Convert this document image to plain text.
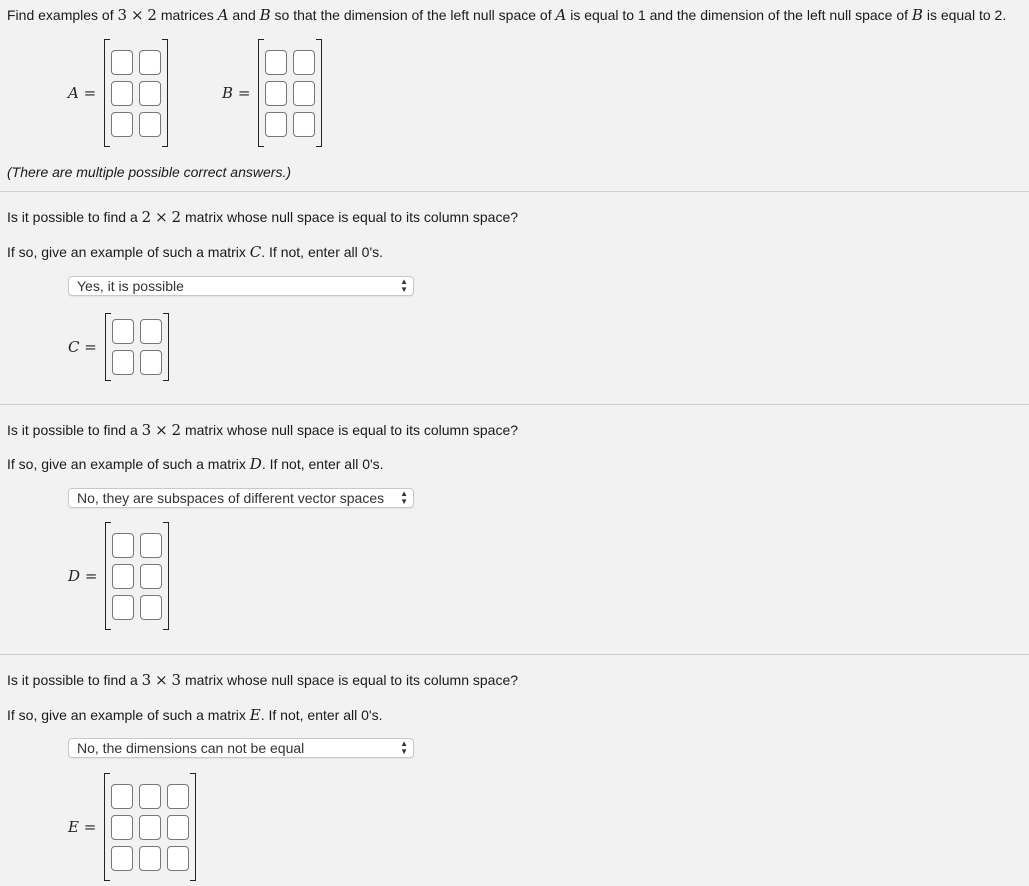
Find examples of 3 × 2 matrices A and B so that the dimension of the left null space of A is equal to 1 and the dimension of the left null space of B is equal to 2.
A =	B =
(There are multiple possible correct answers.)
Is it possible to find a 2 × 2 matrix whose null space is equal to its column space?
If so, give an example of such a matrix C. If not, enter all 0's.
Yes, it is possible	▲
▼
C =
Is it possible to find a 3 × 2 matrix whose null space is equal to its column space?
If so, give an example of such a matrix D. If not, enter all 0's.
No, they are subspaces of different vector spaces ▲
▼
D =
Is it possible to find a 3 × 3 matrix whose null space is equal to its column space?
If so, give an example of such a matrix E. If not, enter all 0's.
No, the dimensions can not be equal	▲
▼
E =
